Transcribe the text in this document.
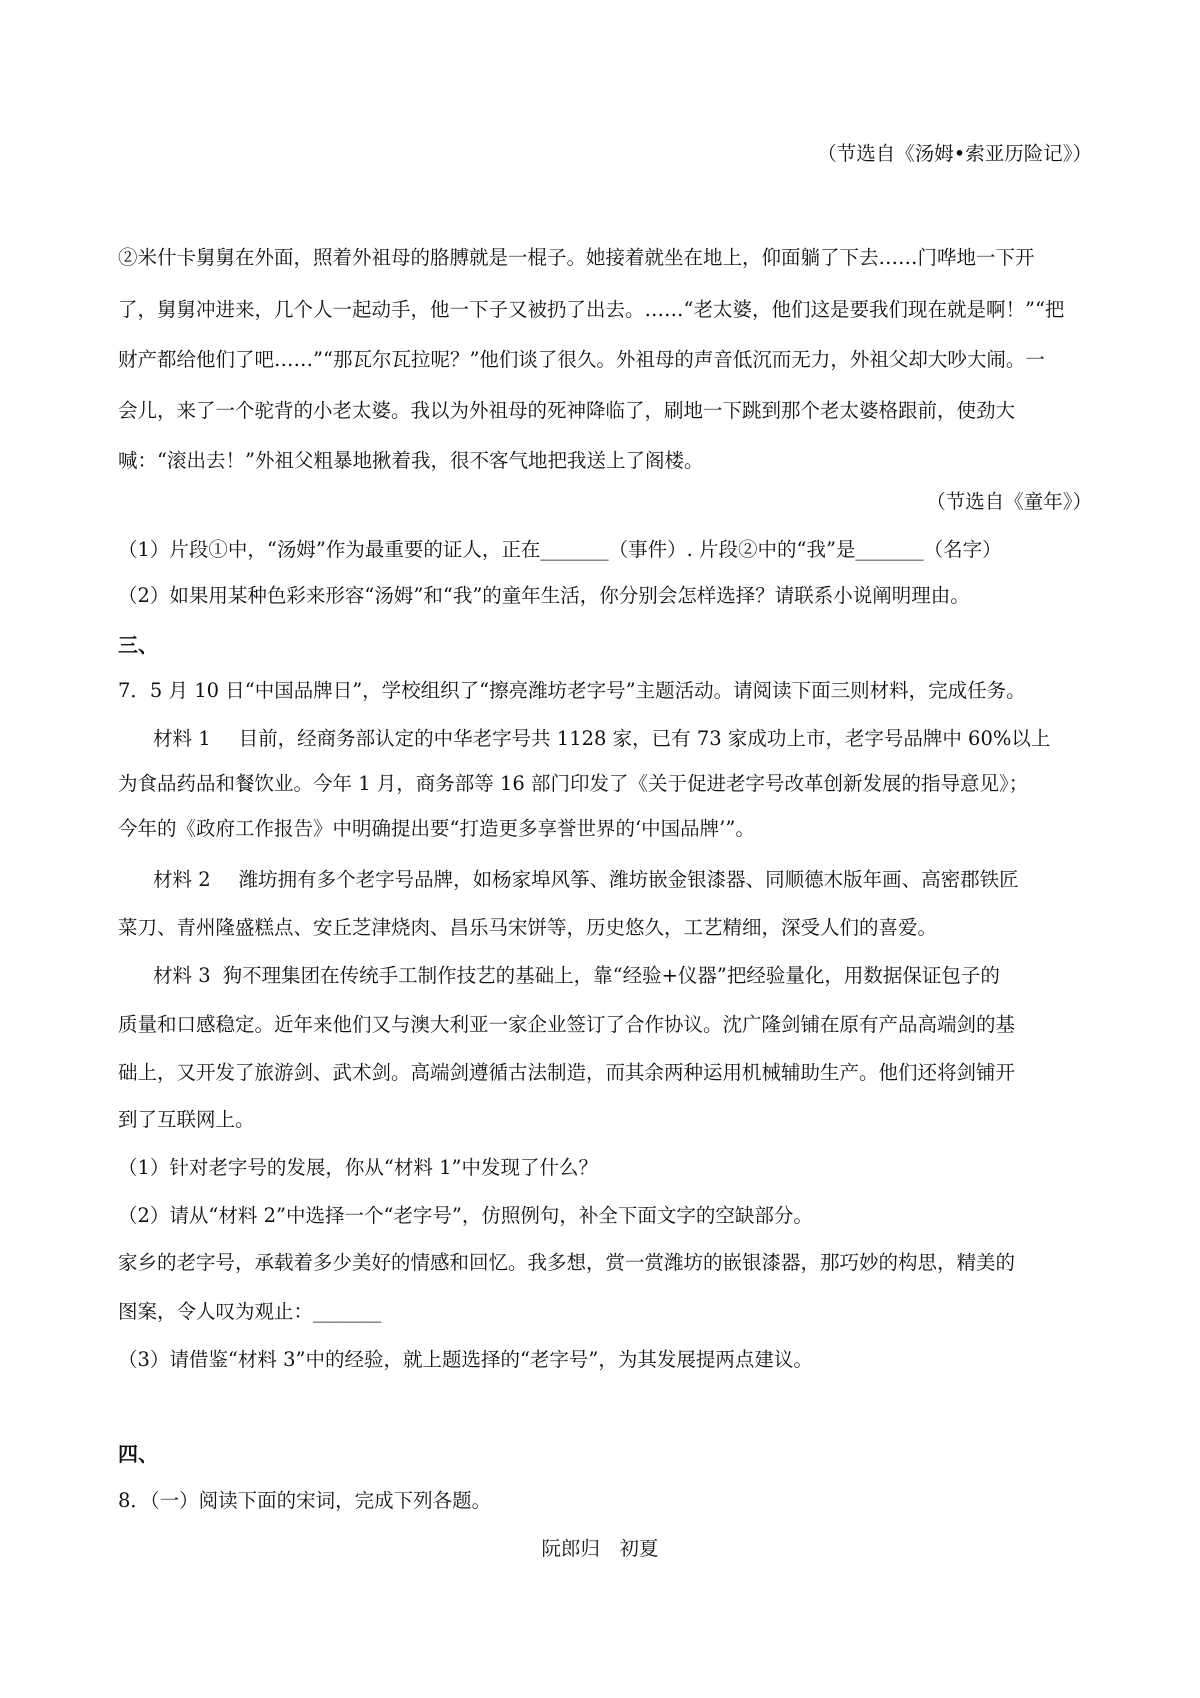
（节选自《汤姆•索亚历险记》）
②米什卡舅舅在外面，照着外祖母的胳膊就是一棍子。她接着就坐在地上，仰面躺了下去……门哗地一下开
了，舅舅冲进来，几个人一起动手，他一下子又被扔了出去。……“老太婆，他们这是要我们现在就是啊！”“把
财产都给他们了吧……”“那瓦尔瓦拉呢？”他们谈了很久。外祖母的声音低沉而无力，外祖父却大吵大闹。一
会儿，来了一个驼背的小老太婆。我以为外祖母的死神降临了，刷地一下跳到那个老太婆格跟前，使劲大
喊：“滚出去！”外祖父粗暴地揪着我，很不客气地把我送上了阁楼。
（节选自《童年》）
（1）片段①中，“汤姆”作为最重要的证人，正在_______（事件）. 片段②中的“我”是_______（名字）
（2）如果用某种色彩来形容“汤姆”和“我”的童年生活，你分别会怎样选择？请联系小说阐明理由。
三、
7．5 月 10 日“中国品牌日”，学校组织了“擦亮潍坊老字号”主题活动。请阅读下面三则材料，完成任务。
材料 1 目前，经商务部认定的中华老字号共 1128 家，已有 73 家成功上市，老字号品牌中 60%以上
为食品药品和餐饮业。今年 1 月，商务部等 16 部门印发了《关于促进老字号改革创新发展的指导意见》；
今年的《政府工作报告》中明确提出要“打造更多享誉世界的‘中国品牌’”。
材料 2 潍坊拥有多个老字号品牌，如杨家埠风筝、潍坊嵌金银漆器、同顺德木版年画、高密郡铁匠
菜刀、青州隆盛糕点、安丘芝津烧肉、昌乐马宋饼等，历史悠久，工艺精细，深受人们的喜爱。
材料 3 狗不理集团在传统手工制作技艺的基础上，靠“经验+仪器”把经验量化，用数据保证包子的
质量和口感稳定。近年来他们又与澳大利亚一家企业签订了合作协议。沈广隆剑铺在原有产品高端剑的基
础上，又开发了旅游剑、武术剑。高端剑遵循古法制造，而其余两种运用机械辅助生产。他们还将剑铺开
到了互联网上。
（1）针对老字号的发展，你从“材料 1”中发现了什么？
（2）请从“材料 2”中选择一个“老字号”，仿照例句，补全下面文字的空缺部分。
家乡的老字号，承载着多少美好的情感和回忆。我多想，赏一赏潍坊的嵌银漆器，那巧妙的构思，精美的
图案，令人叹为观止：_______
（3）请借鉴“材料 3”中的经验，就上题选择的“老字号”，为其发展提两点建议。
四、
8．（一）阅读下面的宋词，完成下列各题。
阮郎归　初夏
